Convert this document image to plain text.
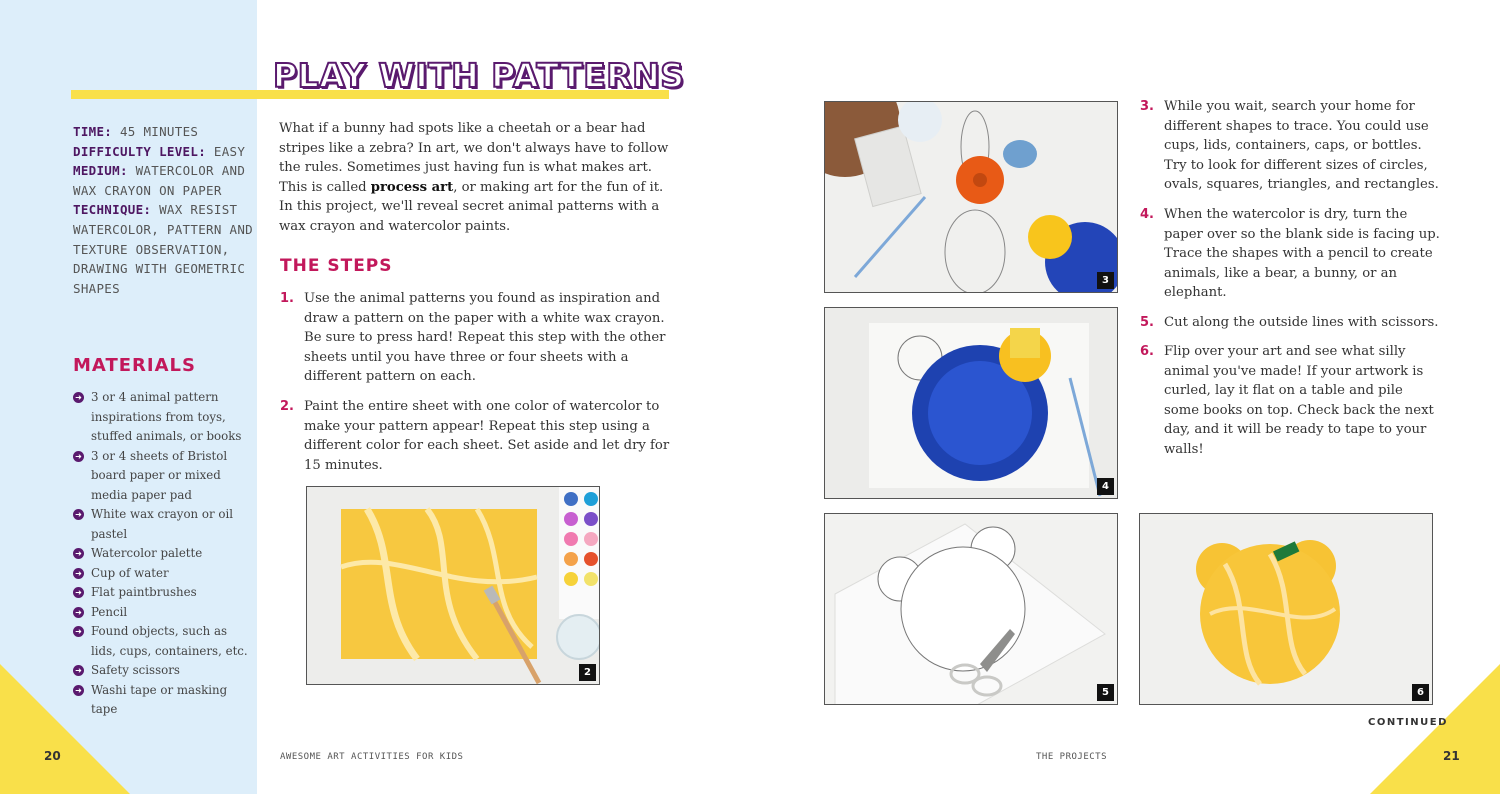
PLAY WITH PATTERNS
TIME: 45 MINUTES
DIFFICULTY LEVEL: EASY
MEDIUM: WATERCOLOR AND WAX CRAYON ON PAPER
TECHNIQUE: WAX RESIST WATERCOLOR, PATTERN AND TEXTURE OBSERVATION, DRAWING WITH GEOMETRIC SHAPES
MATERIALS
➜ 3 or 4 animal pattern inspirations from toys, stuffed animals, or books
➜ 3 or 4 sheets of Bristol board paper or mixed media paper pad
➜ White wax crayon or oil pastel
➜ Watercolor palette
➜ Cup of water
➜ Flat paintbrushes
➜ Pencil
➜ Found objects, such as lids, cups, containers, etc.
➜ Safety scissors
➜ Washi tape or masking tape

What if a bunny had spots like a cheetah or a bear had stripes like a zebra? In art, we don't always have to follow the rules. Sometimes just having fun is what makes art. This is called process art, or making art for the fun of it. In this project, we'll reveal secret animal patterns with a wax crayon and watercolor paints.

THE STEPS
1. Use the animal patterns you found as inspiration and draw a pattern on the paper with a white wax crayon. Be sure to press hard! Repeat this step with the other sheets until you have three or four sheets with a different pattern on each.
2. Paint the entire sheet with one color of watercolor to make your pattern appear! Repeat this step using a different color for each sheet. Set aside and let dry for 15 minutes.
3. While you wait, search your home for different shapes to trace. You could use cups, lids, containers, caps, or bottles. Try to look for different sizes of circles, ovals, squares, triangles, and rectangles.
4. When the watercolor is dry, turn the paper over so the blank side is facing up. Trace the shapes with a pencil to create animals, like a bear, a bunny, or an elephant.
5. Cut along the outside lines with scissors.
6. Flip over your art and see what silly animal you've made! If your artwork is curled, lay it flat on a table and pile some books on top. Check back the next day, and it will be ready to tape to your walls!
2
3
4
5	6
CONTINUED
20	AWESOME ART ACTIVITIES FOR KIDS	THE PROJECTS	21
